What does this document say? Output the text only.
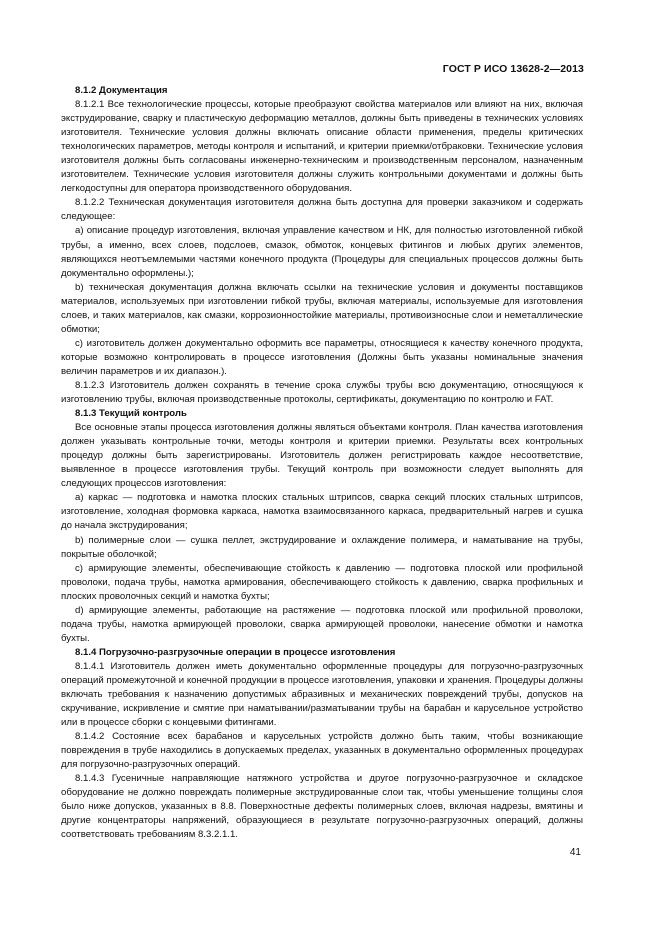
ГОСТ Р ИСО 13628-2—2013

8.1.2 Документация

8.1.2.1 Все технологические процессы, которые преобразуют свойства материалов или влияют на них, включая экструдирование, сварку и пластическую деформацию металлов, должны быть приведены в технических условиях изготовителя. Технические условия должны включать описание области применения, пределы критических технологических параметров, методы контроля и испытаний, и критерии приемки/отбраковки. Технические условия изготовителя должны быть согласованы инженерно-техническим и производственным персоналом, назначенным изготовителем. Технические условия изготовителя должны служить контрольными документами и должны быть легкодоступны для оператора производственного оборудования.

8.1.2.2 Техническая документация изготовителя должна быть доступна для проверки заказчиком и содержать следующее:

а) описание процедур изготовления, включая управление качеством и НК, для полностью изготовленной гибкой трубы, а именно, всех слоев, подслоев, смазок, обмоток, концевых фитингов и любых других элементов, являющихся неотъемлемыми частями конечного продукта (Процедуры для специальных процессов должны быть документально оформлены.);

b) техническая документация должна включать ссылки на технические условия и документы поставщиков материалов, используемых при изготовлении гибкой трубы, включая материалы, используемые для изготовления слоев, и таких материалов, как смазки, коррозионностойкие материалы, противоизносные слои и неметаллические обмотки;

c) изготовитель должен документально оформить все параметры, относящиеся к качеству конечного продукта, которые возможно контролировать в процессе изготовления (Должны быть указаны номинальные значения величин параметров и их диапазон.).

8.1.2.3 Изготовитель должен сохранять в течение срока службы трубы всю документацию, относящуюся к изготовлению трубы, включая производственные протоколы, сертификаты, документацию по контролю и FAT.

8.1.3 Текущий контроль

Все основные этапы процесса изготовления должны являться объектами контроля. План качества изготовления должен указывать контрольные точки, методы контроля и критерии приемки. Результаты всех контрольных процедур должны быть зарегистрированы. Изготовитель должен регистрировать каждое несоответствие, выявленное в процессе изготовления трубы. Текущий контроль при возможности следует выполнять для следующих процессов изготовления:

а) каркас — подготовка и намотка плоских стальных штрипсов, сварка секций плоских стальных штрипсов, изготовление, холодная формовка каркаса, намотка взаимосвязанного каркаса, предварительный нагрев и сушка до начала экструдирования;

b) полимерные слои — сушка пеллет, экструдирование и охлаждение полимера, и наматывание на трубы, покрытые оболочкой;

c) армирующие элементы, обеспечивающие стойкость к давлению — подготовка плоской или профильной проволоки, подача трубы, намотка армирования, обеспечивающего стойкость к давлению, сварка профильных и плоских проволочных секций и намотка бухты;

d) армирующие элементы, работающие на растяжение — подготовка плоской или профильной проволоки, подача трубы, намотка армирующей проволоки, сварка армирующей проволоки, нанесение обмотки и намотка бухты.

8.1.4 Погрузочно-разгрузочные операции в процессе изготовления

8.1.4.1 Изготовитель должен иметь документально оформленные процедуры для погрузочно-разгрузочных операций промежуточной и конечной продукции в процессе изготовления, упаковки и хранения. Процедуры должны включать требования к назначению допустимых абразивных и механических повреждений трубы, допусков на скручивание, искривление и смятие при наматывании/разматывании трубы на барабан и карусельное устройство или в процессе сборки с концевыми фитингами.

8.1.4.2 Состояние всех барабанов и карусельных устройств должно быть таким, чтобы возникающие повреждения в трубе находились в допускаемых пределах, указанных в документально оформленных процедурах для погрузочно-разгрузочных операций.

8.1.4.3 Гусеничные направляющие натяжного устройства и другое погрузочно-разгрузочное и складское оборудование не должно повреждать полимерные экструдированные слои так, чтобы уменьшение толщины слоя было ниже допусков, указанных в 8.8. Поверхностные дефекты полимерных слоев, включая надрезы, вмятины и другие концентраторы напряжений, образующиеся в результате погрузочно-разгрузочных операций, должны соответствовать требованиям 8.3.2.1.1.

41
